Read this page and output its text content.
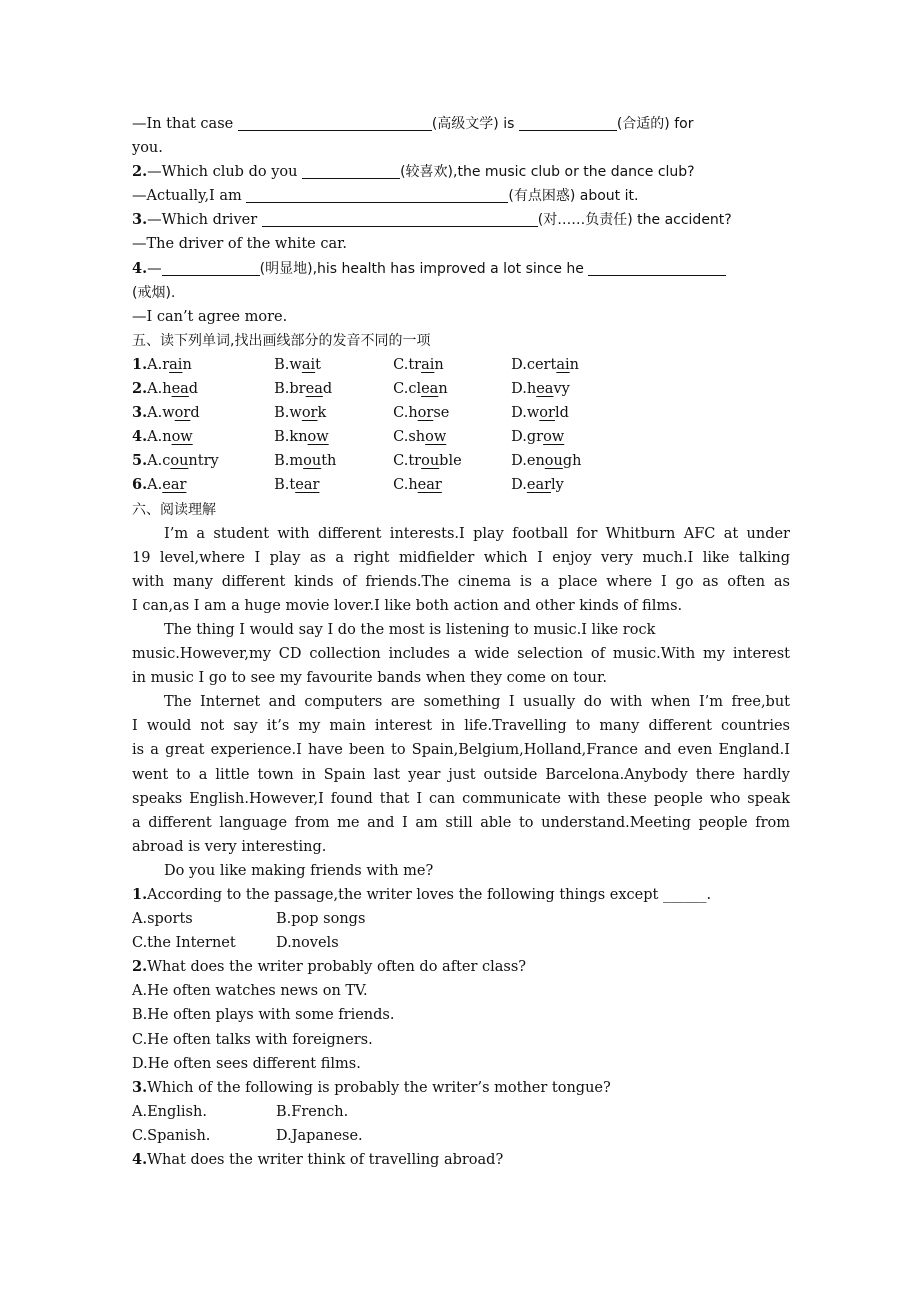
—In that case	(高级文学) is	(合适的) for
you.
2.—Which club do you	(较喜欢),the music club or the dance club?
—Actually,I am	(有点困惑) about it.
3.—Which driver	(对……负责任) the accident?
—The driver of the white car.
4.—	(明显地),his health has improved a lot since he
(戒烟).
—I can’t agree more.
五、读下列单词,找出画线部分的发音不同的一项
1.A.rain	B.wait	C.train	D.certain
2.A.head	B.bread	C.clean	D.heavy
3.A.word	B.work	C.horse	D.world
4.A.now	B.know	C.show	D.grow
5.A.country	B.mouth	C.trouble	D.enough
6.A.ear	B.tear	C.hear	D.early
六、阅读理解
I’m a student with different interests.I play football for Whitburn AFC at under
19 level,where I play as a right midfielder which I enjoy very much.I like talking
with many different kinds of friends.The cinema is a place where I go as often as
I can,as I am a huge movie lover.I like both action and other kinds of films.
The thing I would say I do the most is listening to music.I like rock
music.However,my CD collection includes a wide selection of music.With my interest
in music I go to see my favourite bands when they come on tour.
The Internet and computers are something I usually do with when I’m free,but
I would not say it’s my main interest in life.Travelling to many different countries
is a great experience.I have been to Spain,Belgium,Holland,France and even England.I
went to a little town in Spain last year just outside Barcelona.Anybody there hardly
speaks English.However,I found that I can communicate with these people who speak
a different language from me and I am still able to understand.Meeting people from
abroad is very interesting.
Do you like making friends with me?
1.According to the passage,the writer loves the following things except ______.
A.sports	B.pop songs
C.the Internet	D.novels
2.What does the writer probably often do after class?
A.He often watches news on TV.
B.He often plays with some friends.
C.He often talks with foreigners.
D.He often sees different films.
3.Which of the following is probably the writer’s mother tongue?
A.English.	B.French.
C.Spanish.	D.Japanese.
4.What does the writer think of travelling abroad?
